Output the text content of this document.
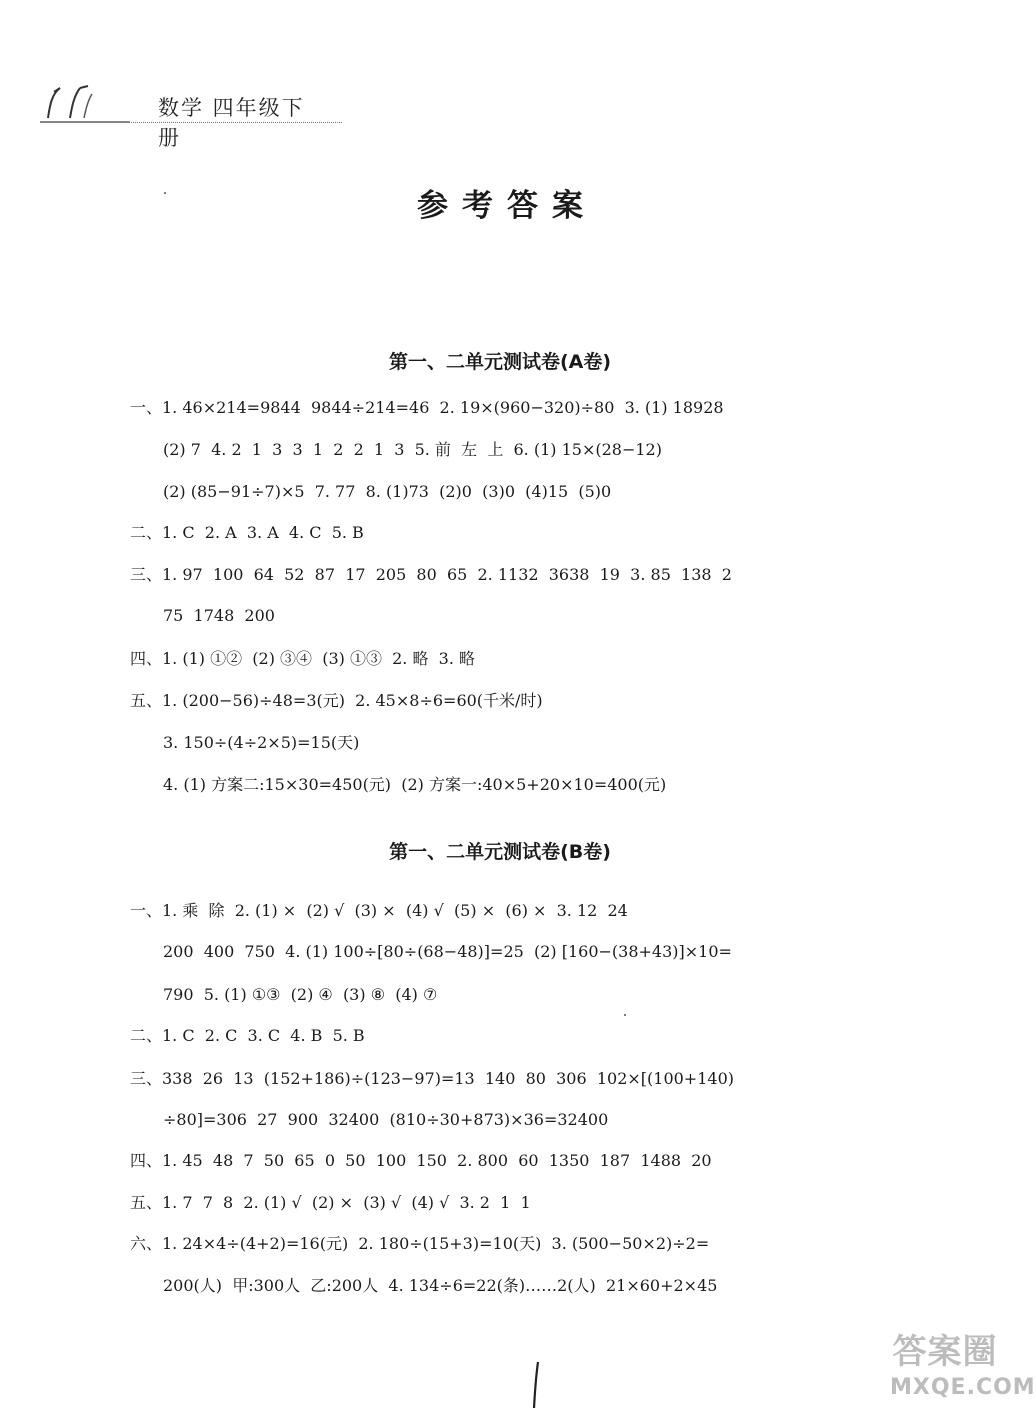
数学 四年级下册
参考答案
第一、二单元测试卷(A卷)
一、1. 46×214=9844  9844÷214=46  2. 19×(960−320)÷80  3. (1) 18928
(2) 7  4. 2  1  3  3  1  2  2  1  3  5. 前  左  上  6. (1) 15×(28−12)
(2) (85−91÷7)×5  7. 77  8. (1)73  (2)0  (3)0  (4)15  (5)0
二、1. C  2. A  3. A  4. C  5. B
三、1. 97  100  64  52  87  17  205  80  65  2. 1132  3638  19  3. 85  138  2
75  1748  200
四、1. (1) ①②  (2) ③④  (3) ①③  2. 略  3. 略
五、1. (200−56)÷48=3(元)  2. 45×8÷6=60(千米/时)
3. 150÷(4÷2×5)=15(天)
4. (1) 方案二:15×30=450(元)  (2) 方案一:40×5+20×10=400(元)
第一、二单元测试卷(B卷)
一、1. 乘  除  2. (1) ×  (2) √  (3) ×  (4) √  (5) ×  (6) ×  3. 12  24
200  400  750  4. (1) 100÷[80÷(68−48)]=25  (2) [160−(38+43)]×10=
790  5. (1) ①③  (2) ④  (3) ⑧  (4) ⑦
二、1. C  2. C  3. C  4. B  5. B
三、338  26  13  (152+186)÷(123−97)=13  140  80  306  102×[(100+140)
÷80]=306  27  900  32400  (810÷30+873)×36=32400
四、1. 45  48  7  50  65  0  50  100  150  2. 800  60  1350  187  1488  20
五、1. 7  7  8  2. (1) √  (2) ×  (3) √  (4) √  3. 2  1  1
六、1. 24×4÷(4+2)=16(元)  2. 180÷(15+3)=10(天)  3. (500−50×2)÷2=
200(人)  甲:300人  乙:200人  4. 134÷6=22(条)……2(人)  21×60+2×45
答案圈
MXQE.COM
